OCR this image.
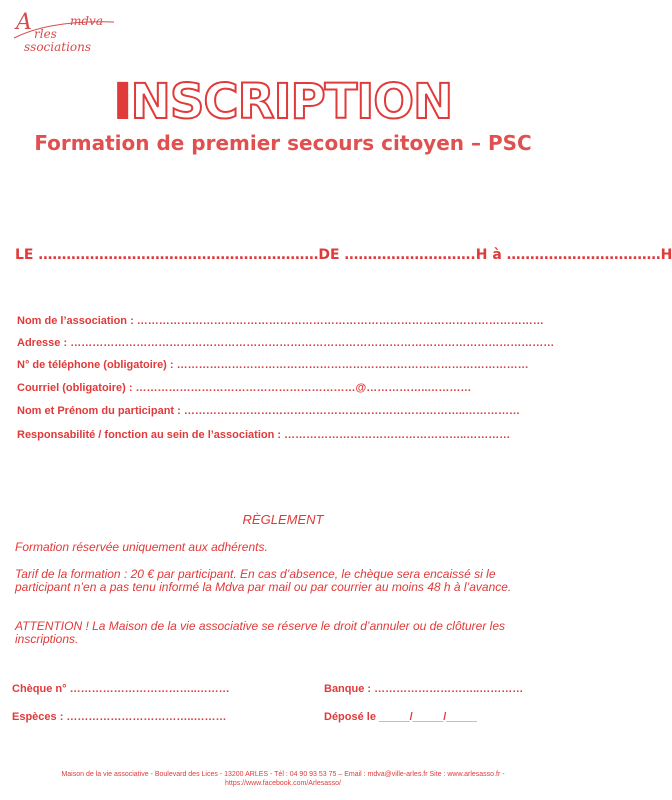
A	mdva
rles
ssociations
INSCRIPTION
Formation de premier secours citoyen – PSC
LE ……………………………………………………DE ……………………….H à ……………………………H
Nom de l’association : …………………………………………………………………………………………………
Adresse : ……………………………………………………………………………………………………………………
N° de téléphone (obligatoire) : ……………………………………………………………………………………
Courriel (obligatoire) : ……………………………………………………@……………..…………
Nom et Prénom du participant : …………………………………………………………………..……………
Responsabilité / fonction au sein de l’association : …………………………………………..…………
RÈGLEMENT
Formation réservée uniquement aux adhérents.
Tarif de la formation : 20 € par participant. En cas d’absence, le chèque sera encaissé si le participant n’en a pas tenu informé la Mdva par mail ou par courrier au moins 48 h à l’avance.
ATTENTION ! La Maison de la vie associative se réserve le droit d’annuler ou de clôturer les inscriptions.
Chèque n° ……………………………..………	Banque : ………………………..…………
Espèces : ……………………………..………	Déposé le _____/_____/_____
Maison de la vie associative - Boulevard des Lices - 13200 ARLES - Tél : 04 90 93 53 75 – Email : mdva@ville-arles.fr Site : www.arlesasso.fr -
https://www.facebook.com/Arlesasso/
